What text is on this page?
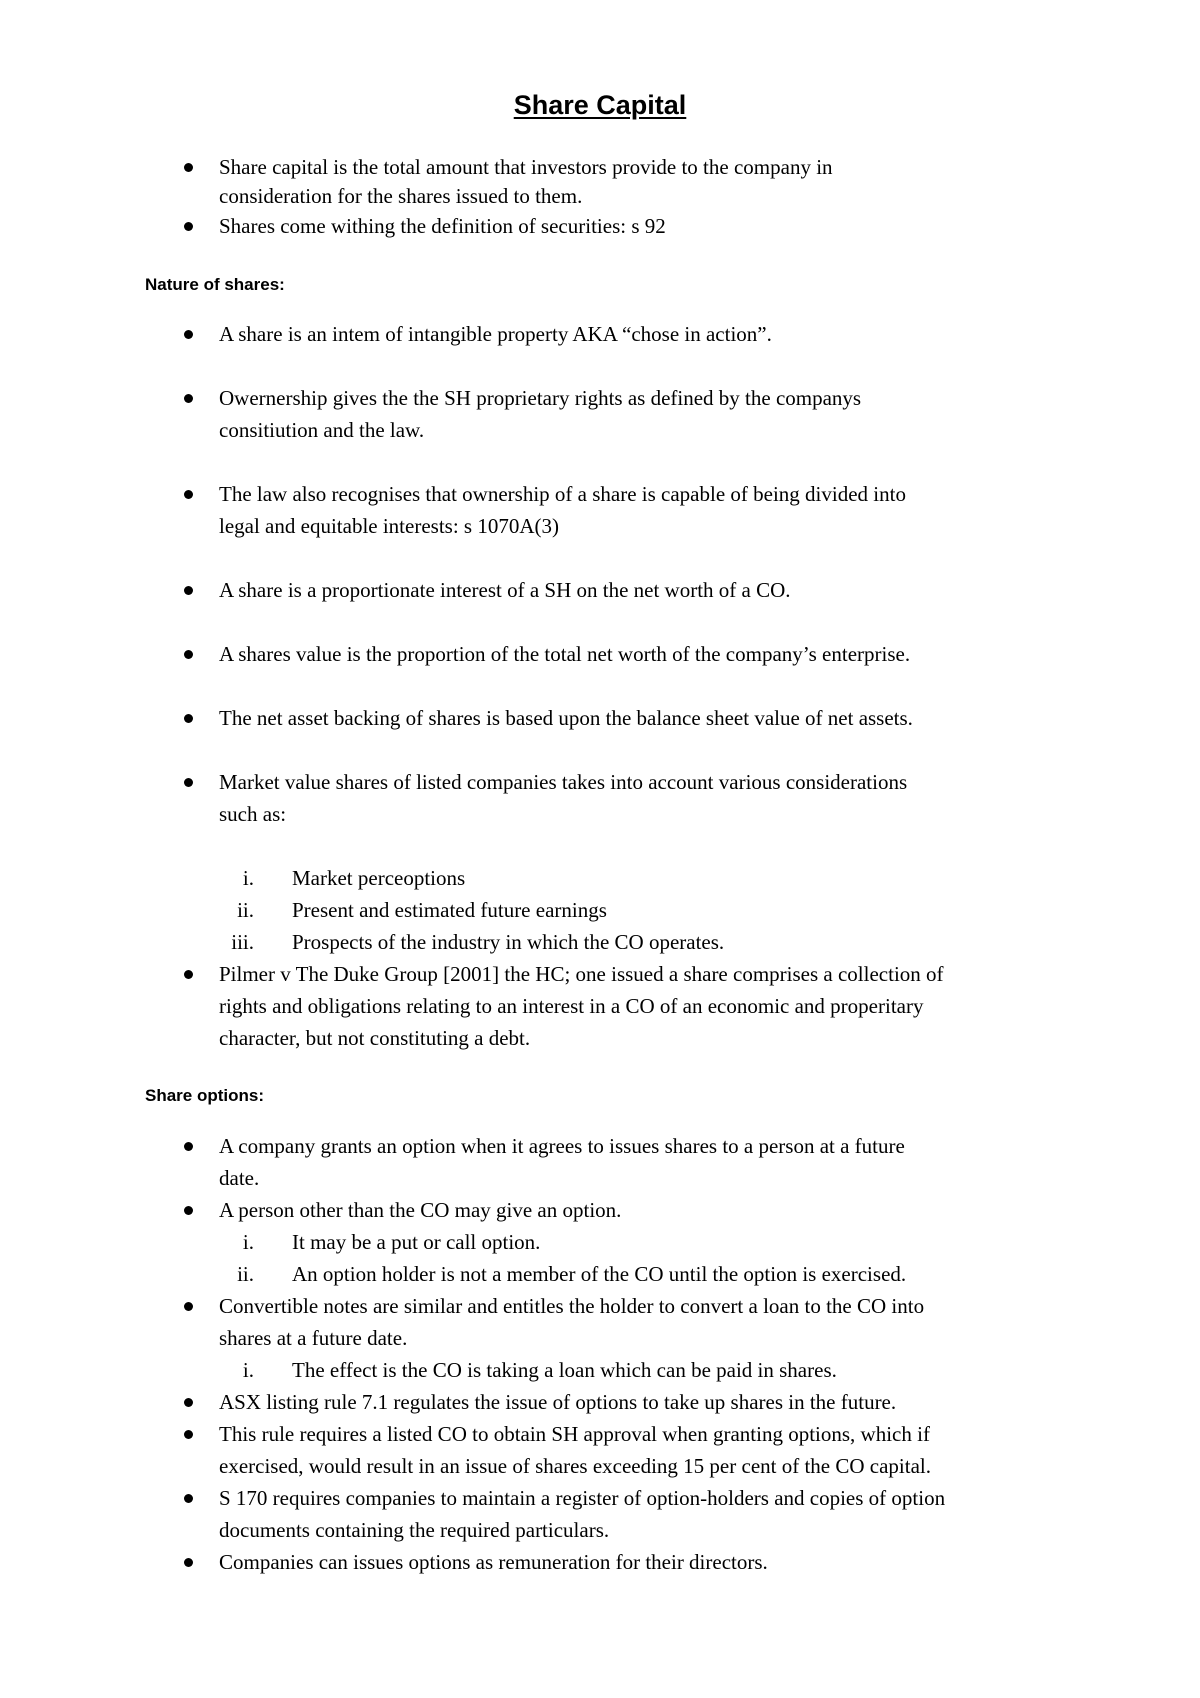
Share Capital
Share capital is the total amount that investors provide to the company in
consideration for the shares issued to them.
Shares come withing the definition of securities: s 92
Nature of shares:
A share is an intem of intangible property AKA “chose in action”.
Owernership gives the the SH proprietary rights as defined by the companys
consitiution and the law.
The law also recognises that ownership of a share is capable of being divided into
legal and equitable interests: s 1070A(3)
A share is a proportionate interest of a SH on the net worth of a CO.
A shares value is the proportion of the total net worth of the company’s enterprise.
The net asset backing of shares is based upon the balance sheet value of net assets.
Market value shares of listed companies takes into account various considerations
such as:
i. Market perceoptions
ii. Present and estimated future earnings
iii. Prospects of the industry in which the CO operates.
Pilmer v The Duke Group [2001] the HC; one issued a share comprises a collection of
rights and obligations relating to an interest in a CO of an economic and properitary
character, but not constituting a debt.
Share options:
A company grants an option when it agrees to issues shares to a person at a future
date.
A person other than the CO may give an option.
i. It may be a put or call option.
ii. An option holder is not a member of the CO until the option is exercised.
Convertible notes are similar and entitles the holder to convert a loan to the CO into
shares at a future date.
i. The effect is the CO is taking a loan which can be paid in shares.
ASX listing rule 7.1 regulates the issue of options to take up shares in the future.
This rule requires a listed CO to obtain SH approval when granting options, which if
exercised, would result in an issue of shares exceeding 15 per cent of the CO capital.
S 170 requires companies to maintain a register of option-holders and copies of option
documents containing the required particulars.
Companies can issues options as remuneration for their directors.
